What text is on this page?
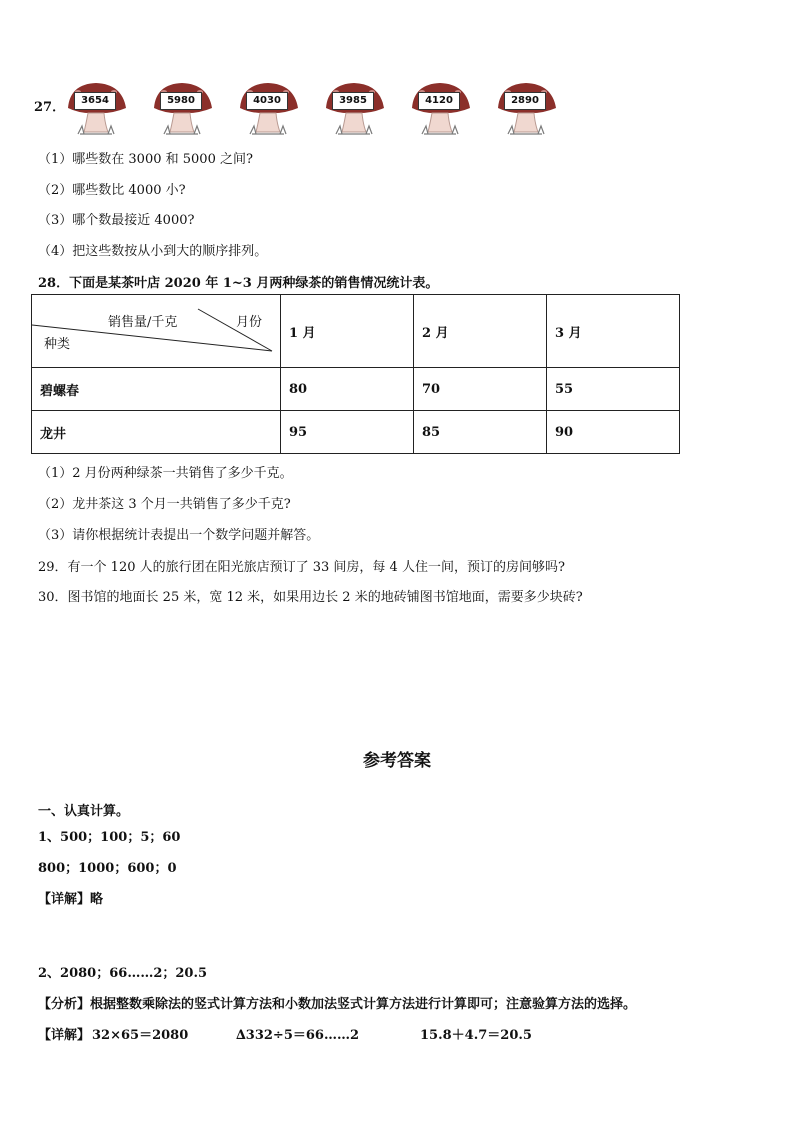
27．	3654	5980	4030	3985	4120	2890
（1）哪些数在 3000 和 5000 之间?
（2）哪些数比 4000 小?
（3）哪个数最接近 4000?
（4）把这些数按从小到大的顺序排列。
28．下面是某茶叶店 2020 年 1~3 月两种绿茶的销售情况统计表。
销售量/千克 月份
种类	1 月	2 月	3 月
碧螺春	80	70	55
龙井	95	85	90
（1）2 月份两种绿茶一共销售了多少千克。
（2）龙井茶这 3 个月一共销售了多少千克?
（3）请你根据统计表提出一个数学问题并解答。
29．有一个 120 人的旅行团在阳光旅店预订了 33 间房，每 4 人住一间，预订的房间够吗?
30．图书馆的地面长 25 米，宽 12 米，如果用边长 2 米的地砖铺图书馆地面，需要多少块砖?
参考答案
一、认真计算。
1、500；100；5；60
800；1000；600；0
【详解】略
2、2080；66……2；20.5
【分析】根据整数乘除法的竖式计算方法和小数加法竖式计算方法进行计算即可；注意验算方法的选择。
【详解】 32×65＝2080	∆332÷5＝66……2	15.8＋4.7＝20.5
